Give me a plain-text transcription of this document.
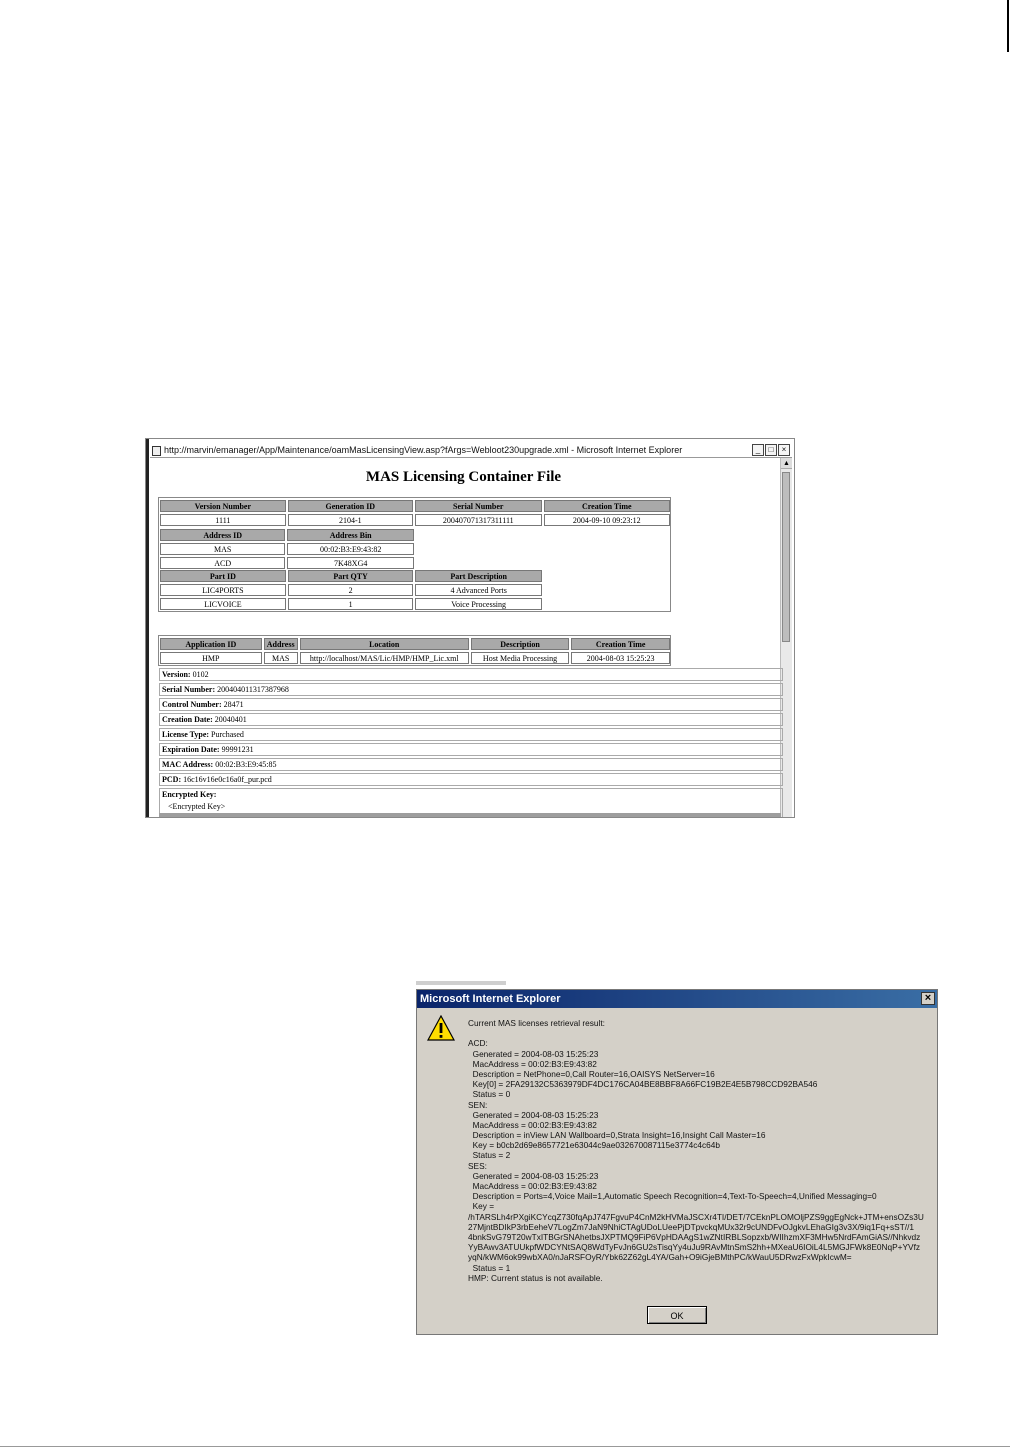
http://marvin/emanager/App/Maintenance/oamMasLicensingView.asp?fArgs=Webloot230upgrade.xml - Microsoft Internet Explorer	_	□	×
▲
MAS Licensing Container File
Version Number	Generation ID	Serial Number	Creation Time
1111	2104-1	200407071317311111	2004-09-10 09:23:12
Address ID	Address Bin
MAS	00:02:B3:E9:43:82
ACD	7K48XG4
Part ID	Part QTY	Part Description
LIC4PORTS	2	4 Advanced Ports
LICVOICE	1	Voice Processing
Application ID	Address	Location	Description	Creation Time
HMP	MAS	http://localhost/MAS/Lic/HMP/HMP_Lic.xml	Host Media Processing	2004-08-03 15:25:23
Version: 0102
Serial Number: 20040401131738796​8
Control Number: 28471
Creation Date: 20040401
License Type: Purchased
Expiration Date: 99991231
MAC Address: 00:02:B3:E9:45:85
PCD: 16c16v16e0c16a0f_pur.pcd
Encrypted Key:
<Encrypted Key>
Microsoft Internet Explorer	×
Current MAS licenses retrieval result:
ACD:
Generated = 2004-08-03 15:25:23
MacAddress = 00:02:B3:E9:43:82
Description = NetPhone=0,Call Router=16,OAISYS NetServer=16
Key[0] = 2FA29132C5363979DF4DC176CA04BE8BBF8A66FC19B2E4E5B798CCD92BA546
Status = 0
SEN:
Generated = 2004-08-03 15:25:23
MacAddress = 00:02:B3:E9:43:82
Description = inView LAN Wallboard=0,Strata Insight=16,Insight Call Master=16
Key = b0cb2d69e8657721e63044c9ae032670087115e3774c4c64b
Status = 2
SES:
Generated = 2004-08-03 15:25:23
MacAddress = 00:02:B3:E9:43:82
Description = Ports=4,Voice Mail=1,Automatic Speech Recognition=4,Text-To-Speech=4,Unified Messaging=0
Key =
/hTARSLh4rPXgiKCYcqZ730fqApJ747FgvuP4CnM2kHVMaJSCXr4TI/DET/7CEknPLOMOljPZS9ggEgNck+JTM+ensOZs3U
27MjntBDIkP3rbEeheV7LogZm7JaN9NhiCTAgUDoLUeePjDTpvckqMUx32r9cUNDFvOJgkvLEhaGIg3v3X/9iq1Fq+sST//1
4bnkSvG79T20wTxITBGrSNAhetbsJXPTMQ9FiP6VpHDAAgS1wZNtIRBLSopzxb/WIIhzmXF3MHw5NrdFAmGiAS//Nhkvdz
YyBAwv3ATUUkpfWDCYNtSAQ8WdTyFvJn6GU2sTisqYy4uJu9RAvMtnSmS2hh+MXeaU6IOiL4L5MGJFWk8E0NqP+YVfz
yqN/kWM6ok99wbXA0/nJaRSFOyR/Ybk62Z62gL4YA/Gah+O9iGjeBMthPC/kWauU5DRwzFxWpkIcwM=
Status = 1
HMP: Current status is not available.
OK
